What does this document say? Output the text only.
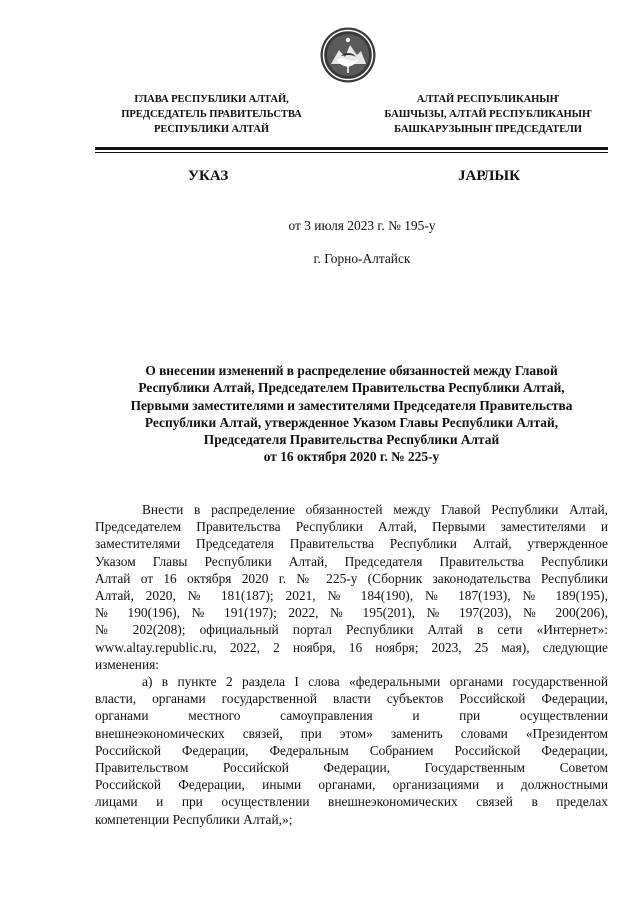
ГЛАВА РЕСПУБЛИКИ АЛТАЙ,
ПРЕДСЕДАТЕЛЬ ПРАВИТЕЛЬСТВА
РЕСПУБЛИКИ АЛТАЙ
АЛТАЙ РЕСПУБЛИКАНЫҤ
БАШЧЫЗЫ, АЛТАЙ РЕСПУБЛИКАНЫҤ
БАШКАРУЗЫНЫҤ ПРЕДСЕДАТЕЛИ
УКАЗ	JАРЛЫК
от 3 июля 2023 г. № 195-у
г. Горно-Алтайск
О внесении изменений в распределение обязанностей между Главой
Республики Алтай, Председателем Правительства Республики Алтай,
Первыми заместителями и заместителями Председателя Правительства
Республики Алтай, утвержденное Указом Главы Республики Алтай,
Председателя Правительства Республики Алтай
от 16 октября 2020 г. № 225-у
Внести в распределение обязанностей между Главой Республики Алтай,
Председателем Правительства Республики Алтай, Первыми заместителями и
заместителями Председателя Правительства Республики Алтай, утвержденное
Указом Главы Республики Алтай, Председателя Правительства Республики
Алтай от 16 октября 2020 г. № 225-у (Сборник законодательства Республики
Алтай, 2020, № 181(187); 2021, № 184(190), № 187(193), № 189(195),
№ 190(196), № 191(197); 2022, № 195(201), № 197(203), № 200(206),
№ 202(208); официальный портал Республики Алтай в сети «Интернет»:
www.altay.republic.ru, 2022, 2 ноября, 16 ноября; 2023, 25 мая), следующие
изменения:
а) в пункте 2 раздела I слова «федеральными органами государственной
власти, органами государственной власти субъектов Российской Федерации,
органами местного самоуправления и при осуществлении
внешнеэкономических связей, при этом» заменить словами «Президентом
Российской Федерации, Федеральным Собранием Российской Федерации,
Правительством Российской Федерации, Государственным Советом
Российской Федерации, иными органами, организациями и должностными
лицами и при осуществлении внешнеэкономических связей в пределах
компетенции Республики Алтай,»;
